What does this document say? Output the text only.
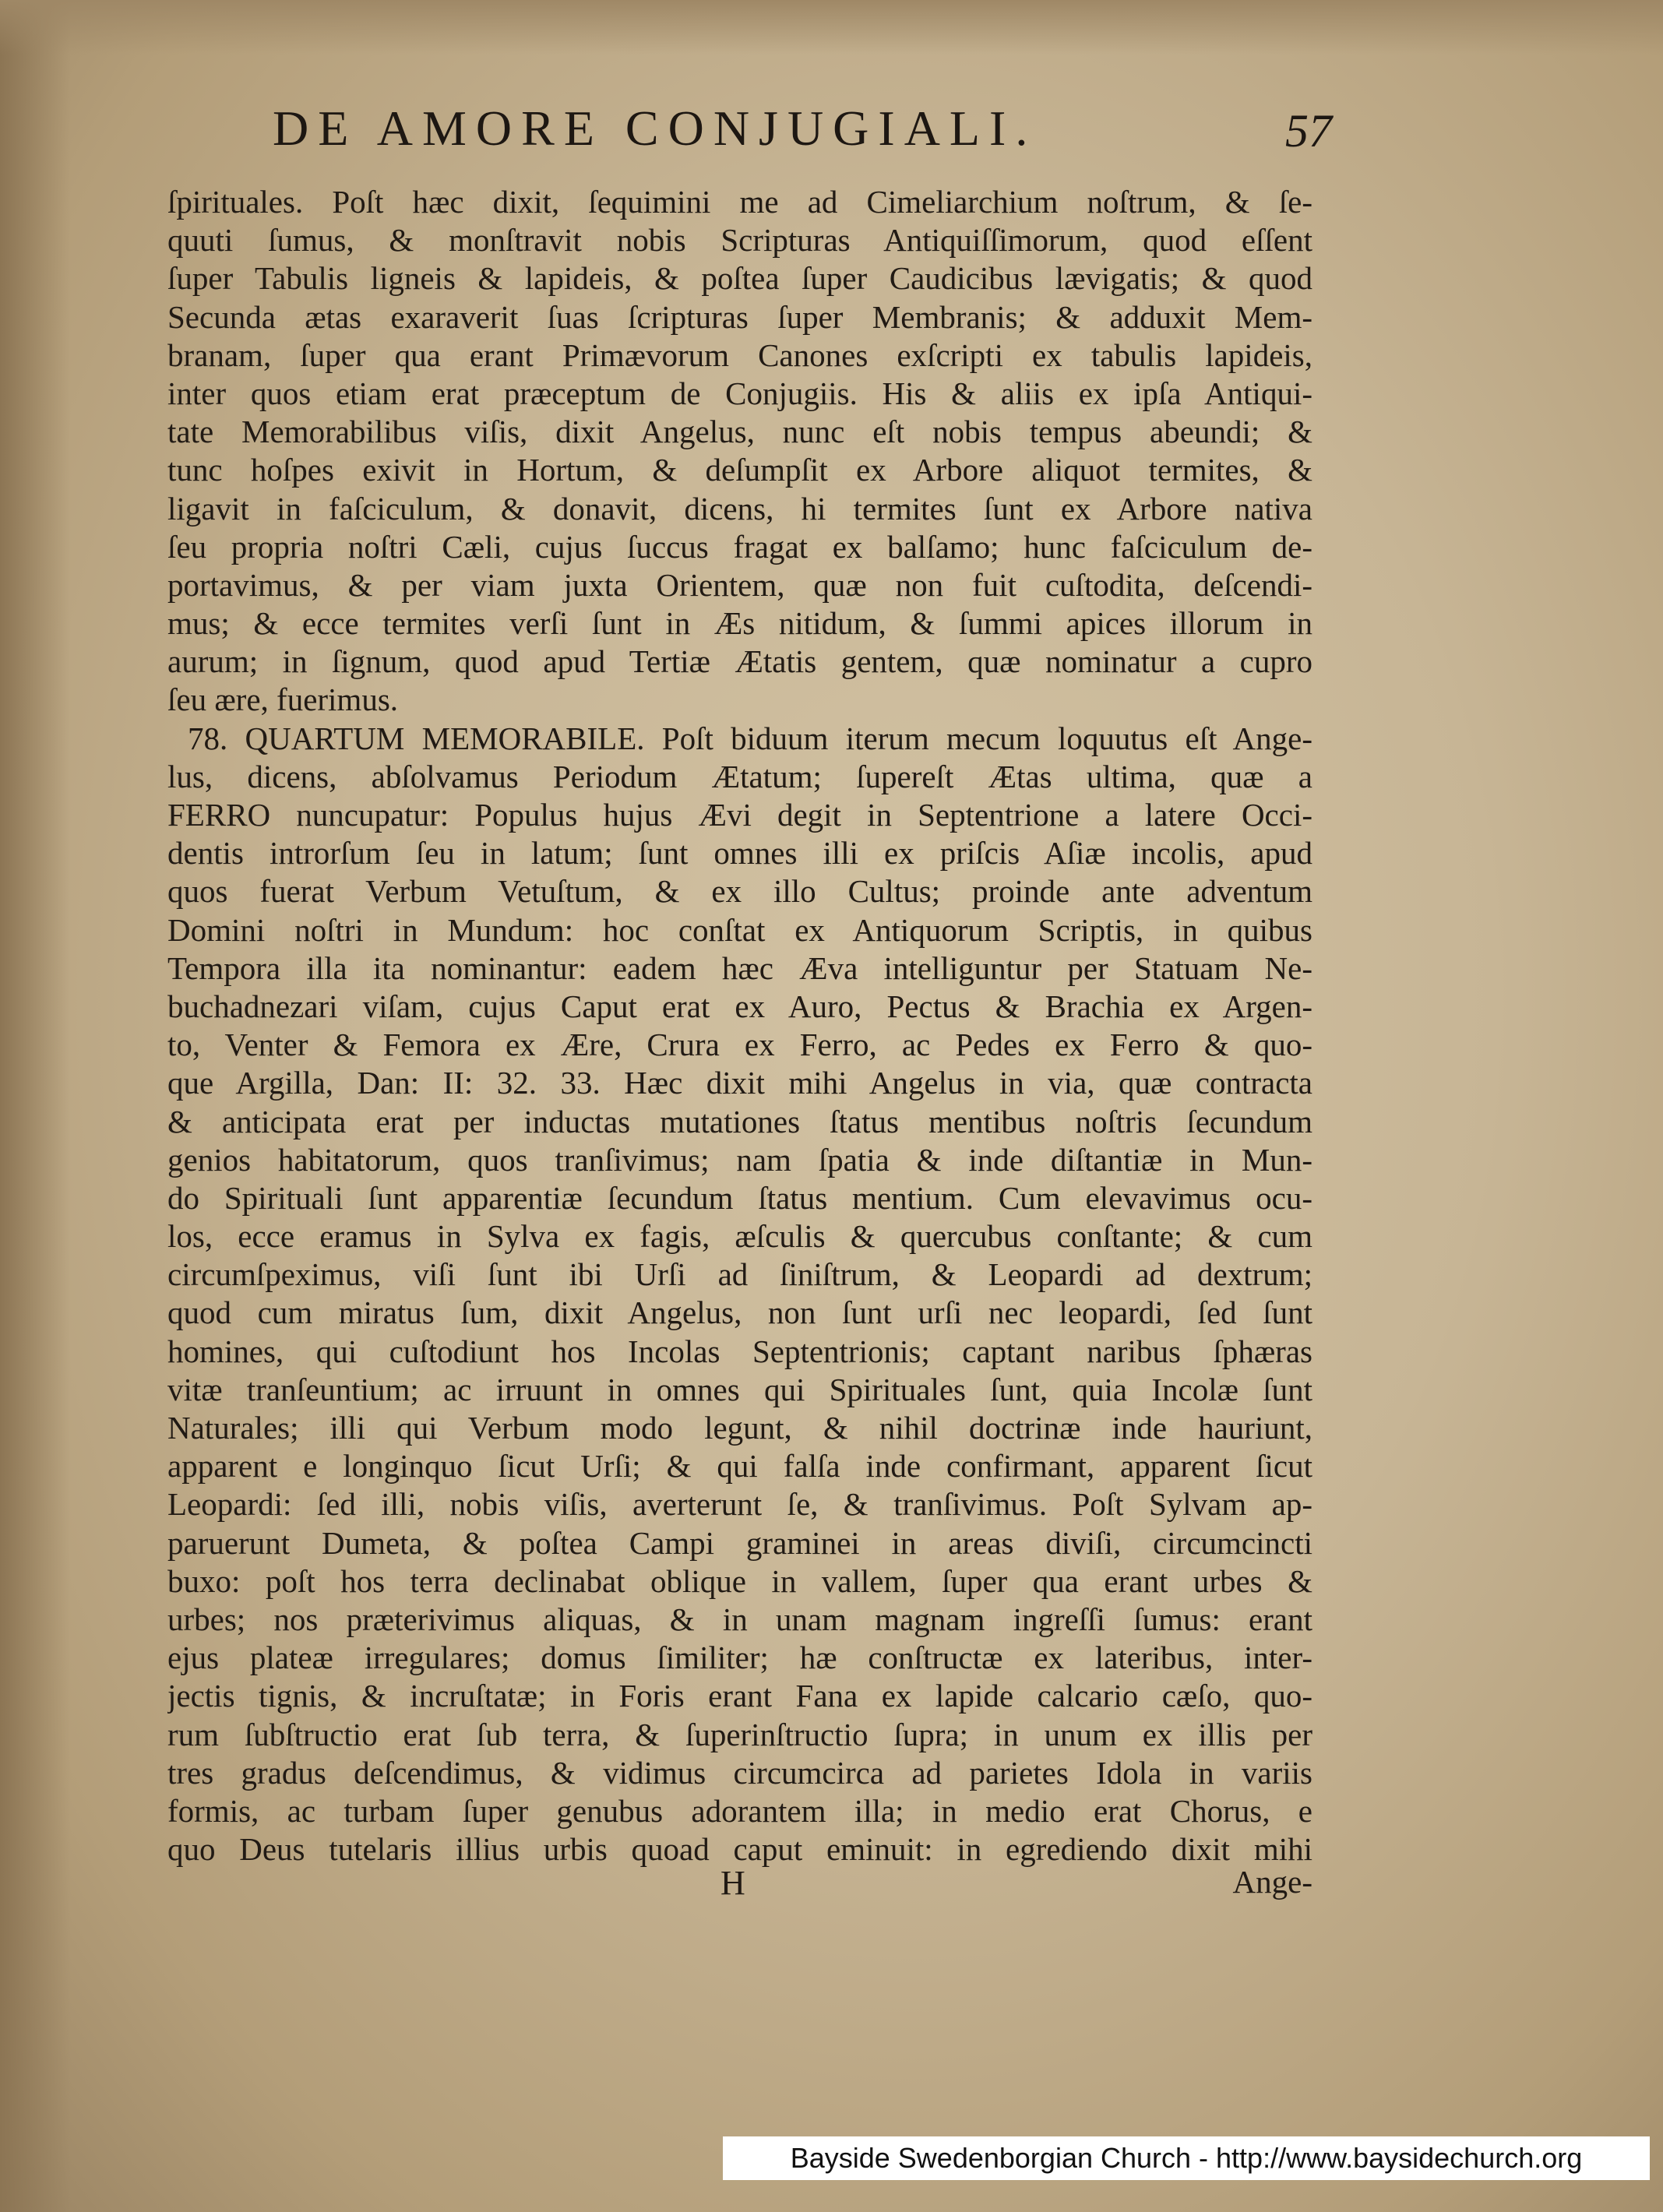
DE AMORE CONJUGIALI.	57
ſpirituales. Poſt hæc dixit, ſequimini me ad Cimeliarchium noſtrum, & ſe-
quuti ſumus, & monſtravit nobis Scripturas Antiquiſſimorum, quod eſſent
ſuper Tabulis ligneis & lapideis, & poſtea ſuper Caudicibus lævigatis; & quod
Secunda ætas exaraverit ſuas ſcripturas ſuper Membranis; & adduxit Mem-
branam, ſuper qua erant Primævorum Canones exſcripti ex tabulis lapideis,
inter quos etiam erat præceptum de Conjugiis. His & aliis ex ipſa Antiqui-
tate Memorabilibus viſis, dixit Angelus, nunc eſt nobis tempus abeundi; &
tunc hoſpes exivit in Hortum, & deſumpſit ex Arbore aliquot termites, &
ligavit in faſciculum, & donavit, dicens, hi termites ſunt ex Arbore nativa
ſeu propria noſtri Cæli, cujus ſuccus fragat ex balſamo; hunc faſciculum de-
portavimus, & per viam juxta Orientem, quæ non fuit cuſtodita, deſcendi-
mus; & ecce termites verſi ſunt in Æs nitidum, & ſummi apices illorum in
aurum; in ſignum, quod apud Tertiæ Ætatis gentem, quæ nominatur a cupro
ſeu ære, fuerimus.
78. QUARTUM MEMORABILE. Poſt biduum iterum mecum loquutus eſt Ange-
lus, dicens, abſolvamus Periodum Ætatum; ſupereſt Ætas ultima, quæ a
FERRO nuncupatur: Populus hujus Ævi degit in Septentrione a latere Occi-
dentis introrſum ſeu in latum; ſunt omnes illi ex priſcis Aſiæ incolis, apud
quos fuerat Verbum Vetuſtum, & ex illo Cultus; proinde ante adventum
Domini noſtri in Mundum: hoc conſtat ex Antiquorum Scriptis, in quibus
Tempora illa ita nominantur: eadem hæc Æva intelliguntur per Statuam Ne-
buchadnezari viſam, cujus Caput erat ex Auro, Pectus & Brachia ex Argen-
to, Venter & Femora ex Ære, Crura ex Ferro, ac Pedes ex Ferro & quo-
que Argilla, Dan: II: 32. 33. Hæc dixit mihi Angelus in via, quæ contracta
& anticipata erat per inductas mutationes ſtatus mentibus noſtris ſecundum
genios habitatorum, quos tranſivimus; nam ſpatia & inde diſtantiæ in Mun-
do Spirituali ſunt apparentiæ ſecundum ſtatus mentium. Cum elevavimus ocu-
los, ecce eramus in Sylva ex fagis, æſculis & quercubus conſtante; & cum
circumſpeximus, viſi ſunt ibi Urſi ad ſiniſtrum, & Leopardi ad dextrum;
quod cum miratus ſum, dixit Angelus, non ſunt urſi nec leopardi, ſed ſunt
homines, qui cuſtodiunt hos Incolas Septentrionis; captant naribus ſphæras
vitæ tranſeuntium; ac irruunt in omnes qui Spirituales ſunt, quia Incolæ ſunt
Naturales; illi qui Verbum modo legunt, & nihil doctrinæ inde hauriunt,
apparent e longinquo ſicut Urſi; & qui falſa inde confirmant, apparent ſicut
Leopardi: ſed illi, nobis viſis, averterunt ſe, & tranſivimus. Poſt Sylvam ap-
paruerunt Dumeta, & poſtea Campi graminei in areas diviſi, circumcincti
buxo: poſt hos terra declinabat oblique in vallem, ſuper qua erant urbes &
urbes; nos præterivimus aliquas, & in unam magnam ingreſſi ſumus: erant
ejus plateæ irregulares; domus ſimiliter; hæ conſtructæ ex lateribus, inter-
jectis tignis, & incruſtatæ; in Foris erant Fana ex lapide calcario cæſo, quo-
rum ſubſtructio erat ſub terra, & ſuperinſtructio ſupra; in unum ex illis per
tres gradus deſcendimus, & vidimus circumcirca ad parietes Idola in variis
formis, ac turbam ſuper genubus adorantem illa; in medio erat Chorus, e
quo Deus tutelaris illius urbis quoad caput eminuit: in egrediendo dixit mihi
H	Ange-
Bayside Swedenborgian Church - http://www.baysidechurch.org
